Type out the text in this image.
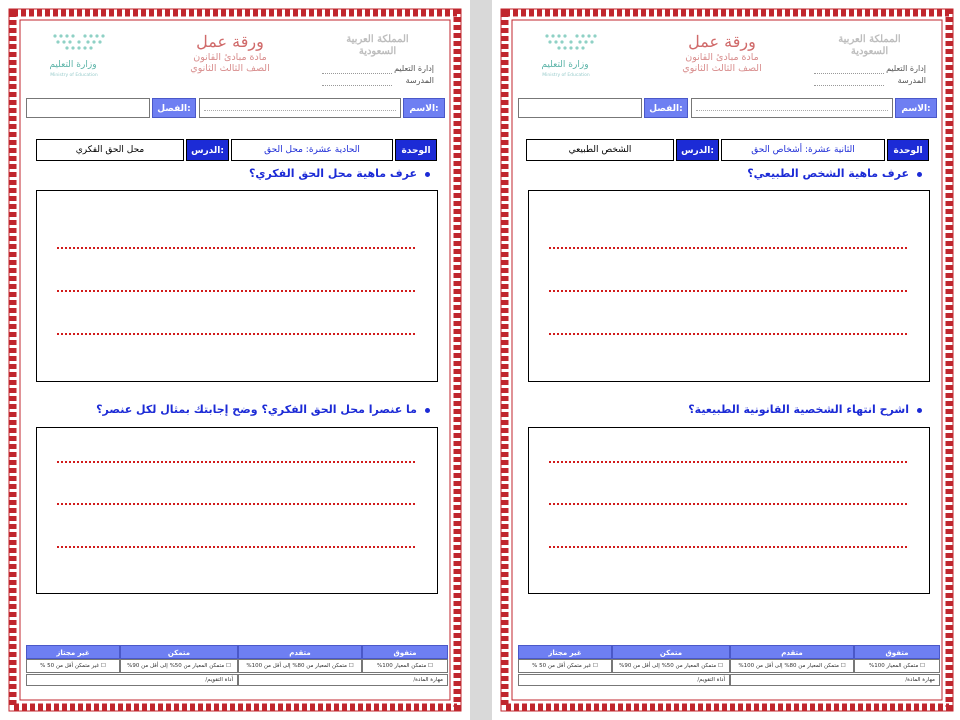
وزارة التعليم
Ministry of Education
ورقة عمل
مادة مبادئ القانون
الصف الثالث الثانوي
المملكة العربية السعودية
إدارة التعليم
المدرسة
الاسم:
الفصل:
الوحدة
الحادية عشرة: محل الحق
الدرس:
محل الحق الفكري
عرف ماهية محل الحق الفكري؟
ما عنصرا محل الحق الفكري؟ وضح إجابتك بمثال لكل عنصر؟
متفوق
متقدم
متمكن
غير مجتاز
☐ متمكن المعيار 100%
☐ متمكن المعيار من 80% إلى أقل من 100%
☐ متمكن المعيار من 50% إلى أقل من 90%
☐ غير متمكن أقل من 50 %
مهارة المادة/
أداة التقويم/
وزارة التعليم
Ministry of Education
ورقة عمل
مادة مبادئ القانون
الصف الثالث الثانوي
المملكة العربية السعودية
إدارة التعليم
المدرسة
الاسم:
الفصل:
الوحدة
الثانية عشرة: أشخاص الحق
الدرس:
الشخص الطبيعي
عرف ماهية الشخص الطبيعي؟
اشرح انتهاء الشخصية القانونية الطبيعية؟
متفوق
متقدم
متمكن
غير مجتاز
☐ متمكن المعيار 100%
☐ متمكن المعيار من 80% إلى أقل من 100%
☐ متمكن المعيار من 50% إلى أقل من 90%
☐ غير متمكن أقل من 50 %
مهارة المادة/
أداة التقويم/
